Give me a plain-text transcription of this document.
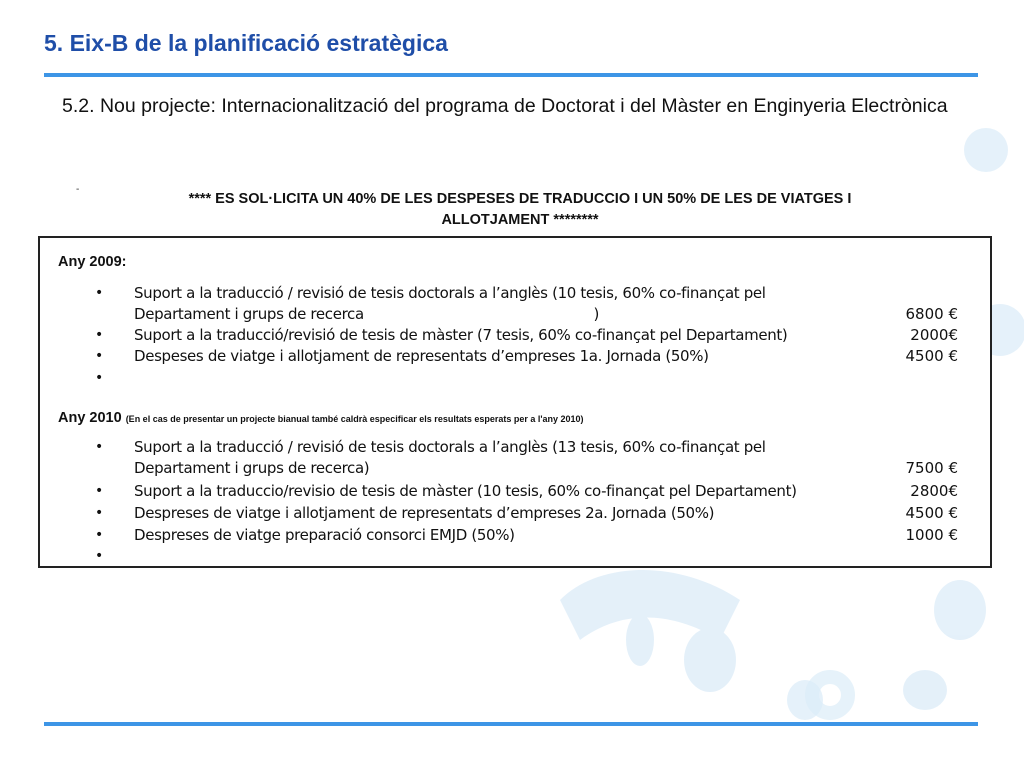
5. Eix-B de la planificació estratègica
5.2. Nou projecte: Internacionalització del programa de Doctorat i del Màster en Enginyeria Electrònica
-
**** ES SOL·LICITA UN 40% DE LES DESPESES DE TRADUCCIO I UN 50% DE LES DE VIATGES I
ALLOTJAMENT ********
Any 2009:
• Suport a la traducció / revisió de tesis doctorals a l’anglès (10 tesis, 60% co-finançat pel
Departament i grups de recerca                                                    )	6800 €
• Suport a la traducció/revisió de tesis de màster (7 tesis, 60% co-finançat pel Departament)	2000€
• Despeses de viatge i allotjament de representats d’empreses 1a. Jornada (50%)	4500 €
•
Any 2010 (En el cas de presentar un projecte bianual també caldrà especificar els resultats esperats per a l'any 2010)
• Suport a la traducció / revisió de tesis doctorals a l’anglès (13 tesis, 60% co-finançat pel
Departament i grups de recerca)	7500 €
• Suport a la traduccio/revisio de tesis de màster (10 tesis, 60% co-finançat pel Departament)	2800€
• Despreses de viatge i allotjament de representats d’empreses 2a. Jornada (50%)	4500 €
• Despreses de viatge preparació consorci EMJD (50%)	1000 €
•
